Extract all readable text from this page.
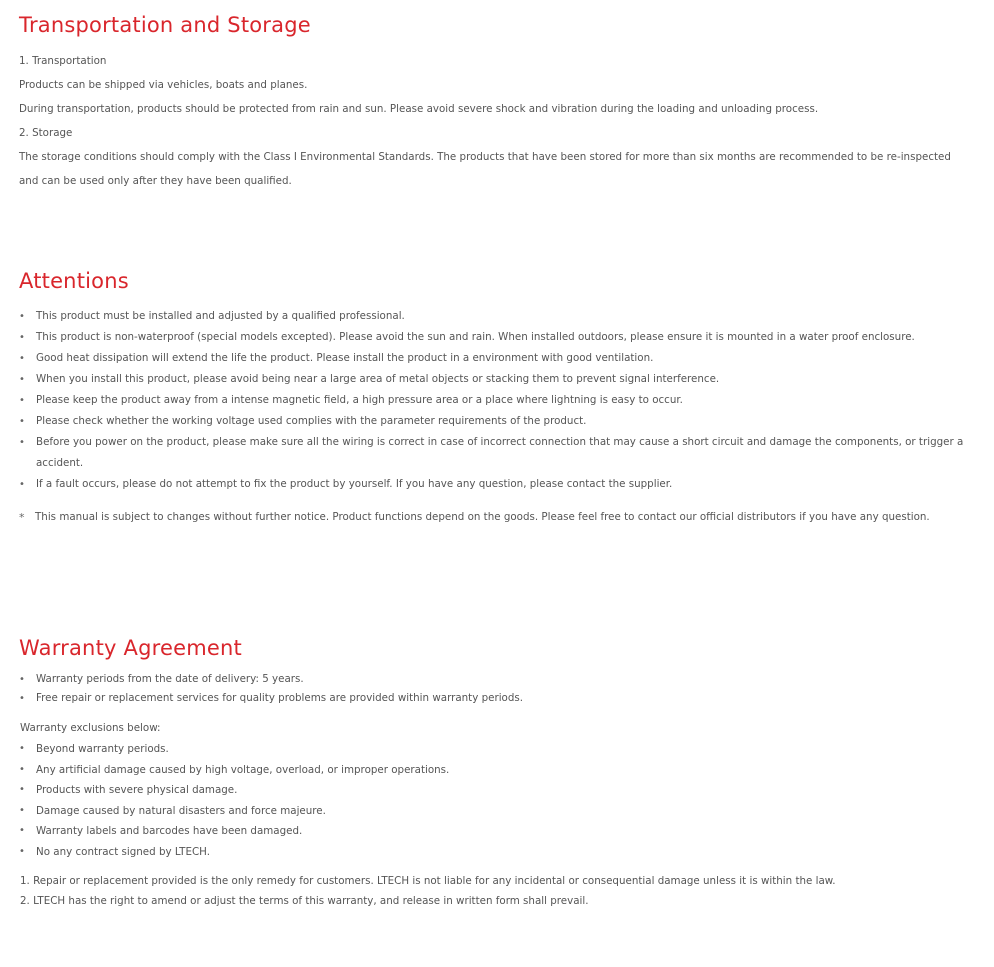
Transportation and Storage

1. Transportation

Products can be shipped via vehicles, boats and planes.

During transportation, products should be protected from rain and sun. Please avoid severe shock and vibration during the loading and unloading process.

2. Storage

The storage conditions should comply with the Class I Environmental Standards. The products that have been stored for more than six months are recommended to be re-inspected and can be used only after they have been qualified.

Attentions
•	This product must be installed and adjusted by a qualified professional.
•	This product is non-waterproof (special models excepted). Please avoid the sun and rain. When installed outdoors, please ensure it is mounted in a water proof enclosure.
•	Good heat dissipation will extend the life the product. Please install the product in a environment with good ventilation.
•	When you install this product, please avoid being near a large area of metal objects or stacking them to prevent signal interference.
•	Please keep the product away from a intense magnetic field, a high pressure area or a place where lightning is easy to occur.
•	Please check whether the working voltage used complies with the parameter requirements of the product.
•	Before you power on the product, please make sure all the wiring is correct in case of incorrect connection that may cause a short circuit and damage the components, or trigger a accident.
•	If a fault occurs, please do not attempt to fix the product by yourself. If you have any question, please contact the supplier.
* This manual is subject to changes without further notice. Product functions depend on the goods. Please feel free to contact our official distributors if you have any question.
Warranty Agreement
•	Warranty periods from the date of delivery: 5 years.
•	Free repair or replacement services for quality problems are provided within warranty periods.

Warranty exclusions below:

•	Beyond warranty periods.
•	Any artificial damage caused by high voltage, overload, or improper operations.
•	Products with severe physical damage.
•	Damage caused by natural disasters and force majeure.
•	Warranty labels and barcodes have been damaged.
•	No any contract signed by LTECH.

1. Repair or replacement provided is the only remedy for customers. LTECH is not liable for any incidental or consequential damage unless it is within the law.

2. LTECH has the right to amend or adjust the terms of this warranty, and release in written form shall prevail.
